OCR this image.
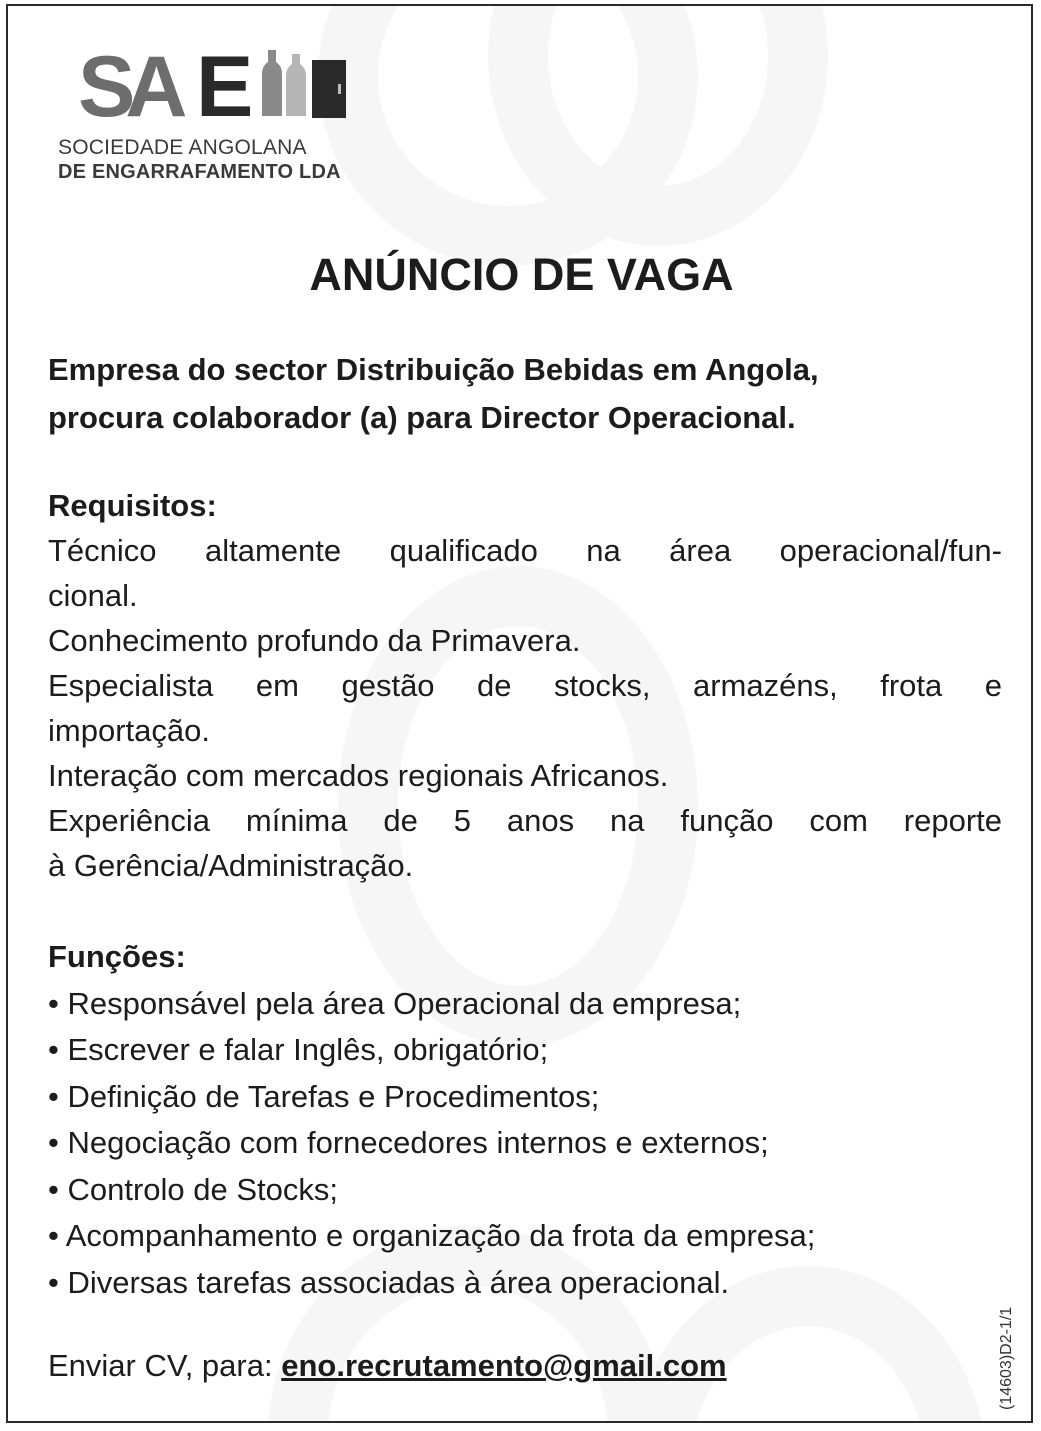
SA E
SOCIEDADE ANGOLANA
DE ENGARRAFAMENTO LDA
ANÚNCIO DE VAGA
Empresa do sector Distribuição Bebidas em Angola,
procura colaborador (a) para Director Operacional.
Requisitos:
Técnico altamente qualificado na área operacional/fun-
cional.
Conhecimento profundo da Primavera.
Especialista em gestão de stocks, armazéns, frota e
importação.
Interação com mercados regionais Africanos.
Experiência mínima de 5 anos na função com reporte
à Gerência/Administração.
Funções:
• Responsável pela área Operacional da empresa;
• Escrever e falar Inglês, obrigatório;
• Definição de Tarefas e Procedimentos;
• Negociação com fornecedores internos e externos;
• Controlo de Stocks;
• Acompanhamento e organização da frota da empresa;
• Diversas tarefas associadas à área operacional.
Enviar CV, para: eno.recrutamento@gmail.com	(14603)D2-1/1
